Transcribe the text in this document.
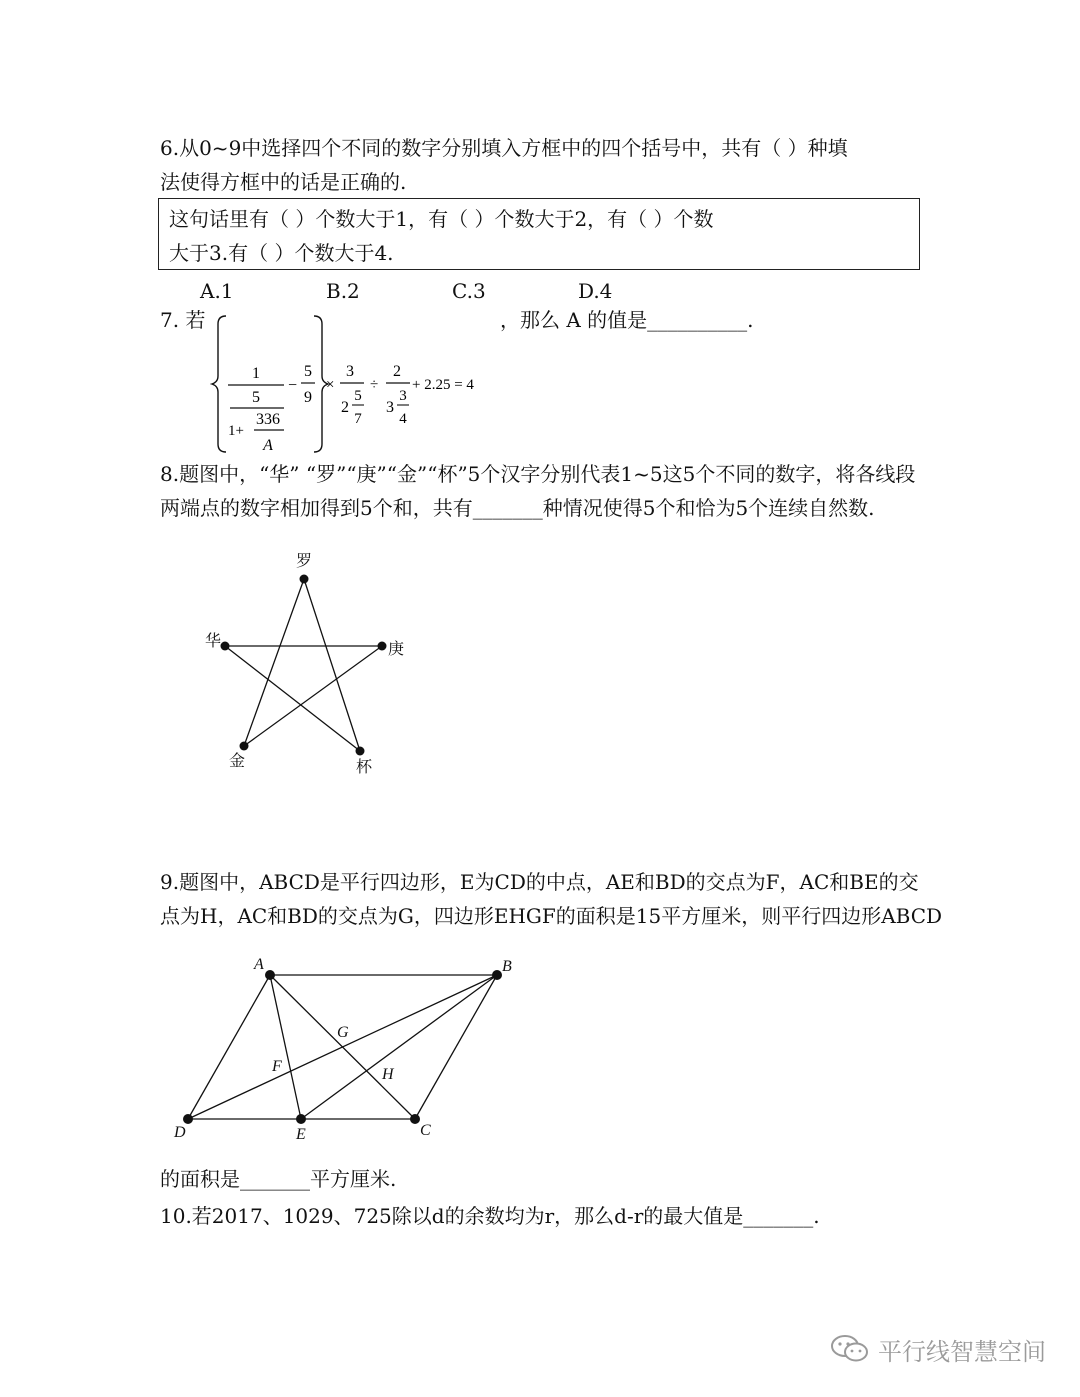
6.从0~9中选择四个不同的数字分别填入方框中的四个括号中，共有（ ）种填
法使得方框中的话是正确的.
这句话里有（ ）个数大于1，有（ ）个数大于2，有（ ）个数
大于3.有（ ）个数大于4.
A.1	B.2	C.3	D.4
7. 若	，那么 A 的值是__________.
1
5
1+
336
A
−
5
9
×
3
2
5
7
÷
2
3
3
4
+ 2.25 = 4
8.题图中，“华” “罗”“庚”“金”“杯”5个汉字分别代表1~5这5个不同的数字，将各线段
两端点的数字相加得到5个和，共有_______种情况使得5个和恰为5个连续自然数.
罗
华	庚
金	杯
9.题图中，ABCD是平行四边形，E为CD的中点，AE和BD的交点为F，AC和BE的交
点为H，AC和BD的交点为G，四边形EHGF的面积是15平方厘米，则平行四边形ABCD
A	B
C
D	E
F
G
H
的面积是_______平方厘米.
10.若2017、1029、725除以d的余数均为r，那么d-r的最大值是_______.
平行线智慧空间
